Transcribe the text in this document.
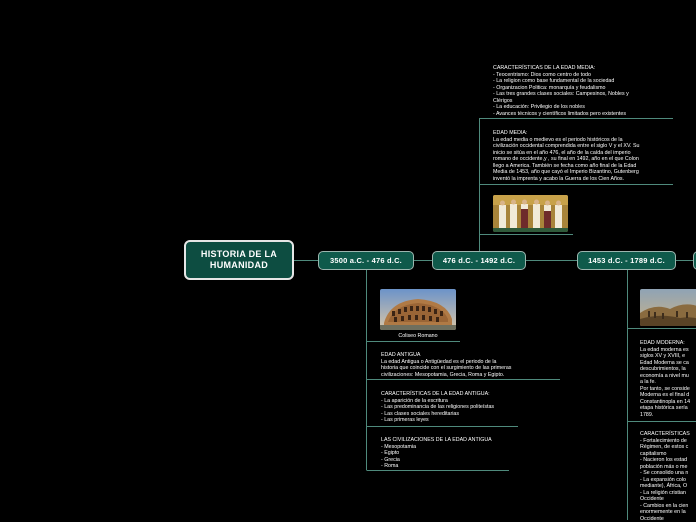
HISTORIA DE LA HUMANIDAD	3500 a.C. - 476 d.C.	476 d.C. - 1492 d.C.	1453 d.C. - 1789 d.C.
Coliseo Romano
EDAD ANTIGUA
La edad Antigua o Antigüedad es el periodo de la
historia que coincide con el surgimiento de las primeras
civilizaciones: Mesopotamia, Grecia, Roma y Egipto.
CARACTERÍSTICAS DE LA EDAD ANTIGUA:
- La aparición de la escritura
- Las predominancia de las religiones politeístas
- Las clases sociales hereditarias
- Las primeras leyes
LAS CIVILIZACIONES DE LA EDAD ANTIGUA
- Mesopotamia
- Egipto
- Grecia
- Roma
CARACTERÍSTICAS DE LA EDAD MEDIA:
- Teocentrismo: Dios como centro de todo
- La religion como base fundamental de la sociedad
- Organizacion Politica: monarquía y feudalismo
- Las tres grandes clases sociales: Campesinos, Nobles y
Clérigos
- La educación: Privilegio de los nobles
- Avances técnicos y científicos limitados pero existentes
EDAD MEDIA:
La edad media o medievo es el periodo históricos de la
civilización occidental comprendida entre el siglo V y el XV. Su
inicio se sitúa en el año 476, el año de la caída del imperio
romano de occidente,y , su final en 1492, año en el que Colon
llego a America. También se fecha como año final de la Edad
Media de 1453, año que cayó el Imperio Bizantino, Gutenberg
inventó la imprenta y acabo la Guerra de los Cien Años.
EDAD MODERNA:
La edad moderna es
siglos XV y XVIII, e
Edad Moderna se ca
descubrimientos, la
economía a nivel mu
a la fe.
Por tanto, se conside
Moderna es el final d
Constantinopla en 14
etapa histórica sería
1789.
CARACTERÍSTICAS
- Fortalecimiento de
Régimen, de estos c
capitalismo
- Nacieron los estad
población más o me
- Se consolido una n
- La expansión colo
mediante), África, O
- La religión cristian
Occidente
- Cambios en la cien
enormemente en la
Occidente
